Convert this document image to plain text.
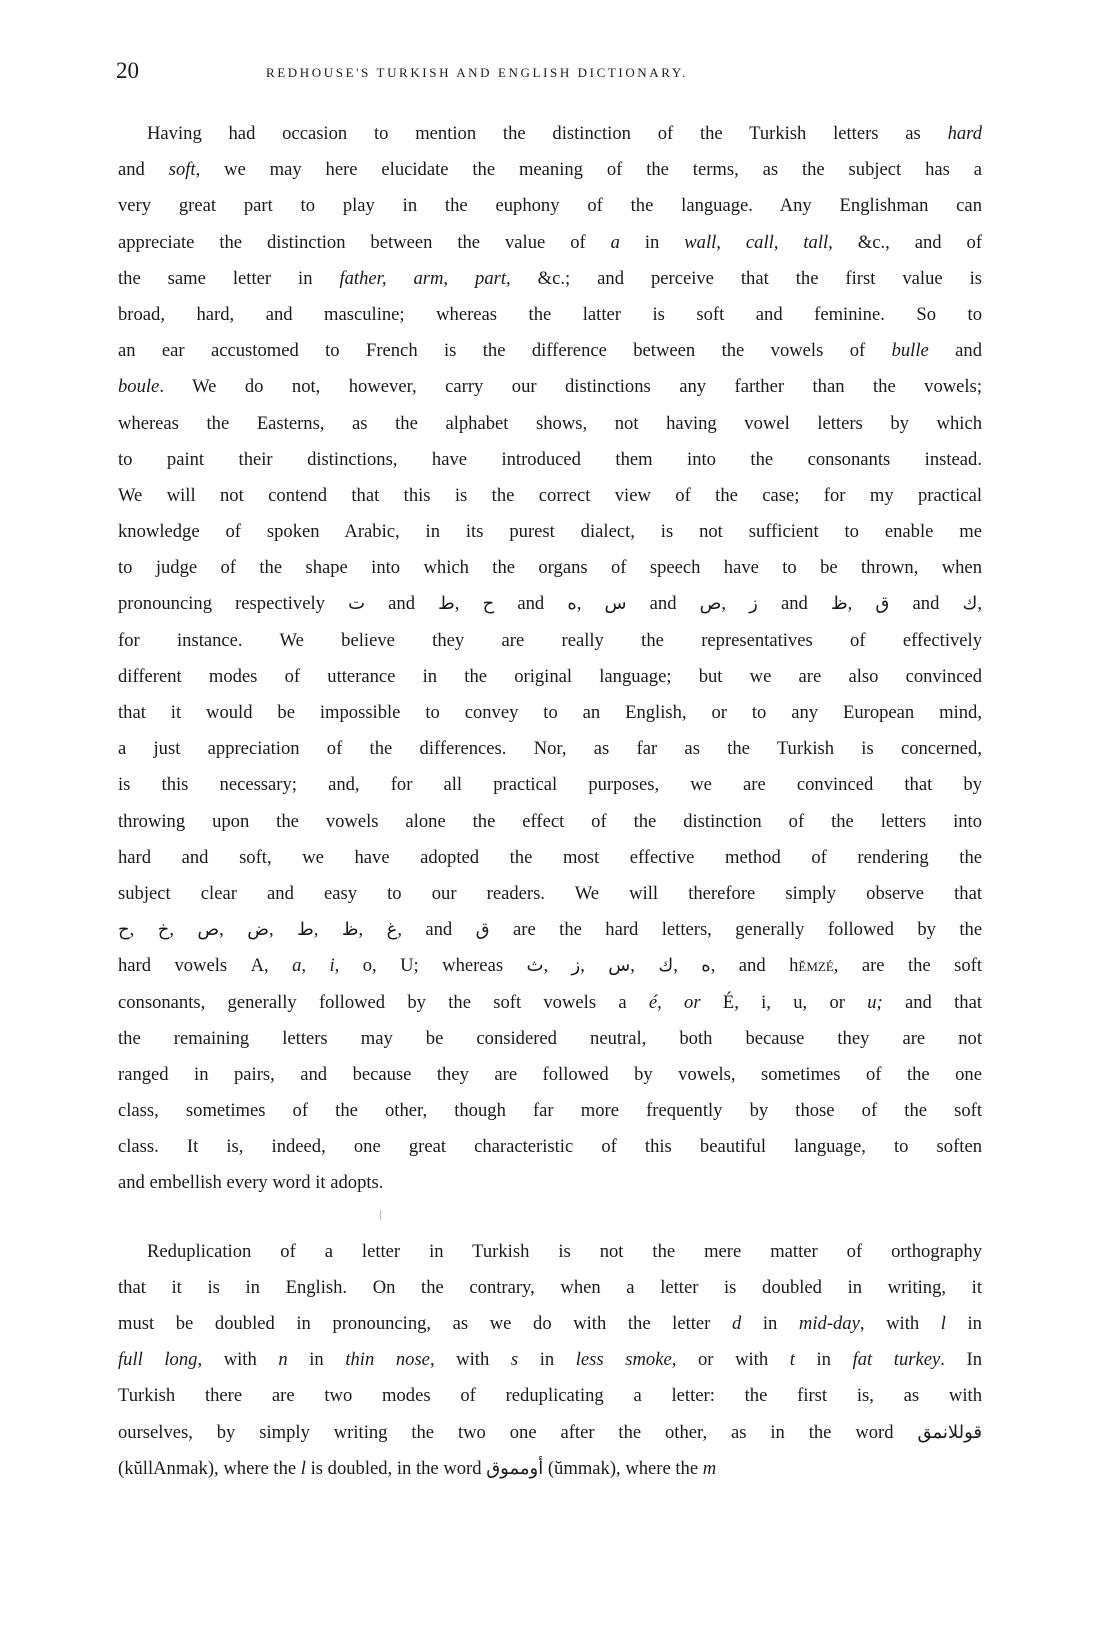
20	REDHOUSE'S TURKISH AND ENGLISH DICTIONARY.
Having had occasion to mention the distinction of the Turkish letters as hard
and soft, we may here elucidate the meaning of the terms, as the subject has a
very great part to play in the euphony of the language. Any Englishman can
appreciate the distinction between the value of a in wall, call, tall, &c., and of
the same letter in father, arm, part, &c.; and perceive that the first value is
broad, hard, and masculine; whereas the latter is soft and feminine. So to
an ear accustomed to French is the difference between the vowels of bulle and
boule. We do not, however, carry our distinctions any farther than the vowels;
whereas the Easterns, as the alphabet shows, not having vowel letters by which
to paint their distinctions, have introduced them into the consonants instead.
We will not contend that this is the correct view of the case; for my practical
knowledge of spoken Arabic, in its purest dialect, is not sufficient to enable me
to judge of the shape into which the organs of speech have to be thrown, when
pronouncing respectively ت and ط, ح and ه, س and ص, ز and ظ, ق and ك,
for instance. We believe they are really the representatives of effectively
different modes of utterance in the original language; but we are also convinced
that it would be impossible to convey to an English, or to any European mind,
a just appreciation of the differences. Nor, as far as the Turkish is concerned,
is this necessary; and, for all practical purposes, we are convinced that by
throwing upon the vowels alone the effect of the distinction of the letters into
hard and soft, we have adopted the most effective method of rendering the
subject clear and easy to our readers. We will therefore simply observe that
ح, خ, ص, ض, ط, ظ, غ, and ق are the hard letters, generally followed by the
hard vowels A, a, i, o, U; whereas ث, ز, س, ك, ه, and hĕmzé, are the soft
consonants, generally followed by the soft vowels a é, or É, i, u, or u; and that
the remaining letters may be considered neutral, both because they are not
ranged in pairs, and because they are followed by vowels, sometimes of the one
class, sometimes of the other, though far more frequently by those of the soft
class. It is, indeed, one great characteristic of this beautiful language, to soften
and embellish every word it adopts.
Reduplication of a letter in Turkish is not the mere matter of orthography
that it is in English. On the contrary, when a letter is doubled in writing, it
must be doubled in pronouncing, as we do with the letter d in mid-day, with l in
full long, with n in thin nose, with s in less smoke, or with t in fat turkey. In
Turkish there are two modes of reduplicating a letter: the first is, as with
ourselves, by simply writing the two one after the other, as in the word قوللانمق
(kŭllAnmak), where the l is doubled, in the word أومموق (ŭmmak), where the m
